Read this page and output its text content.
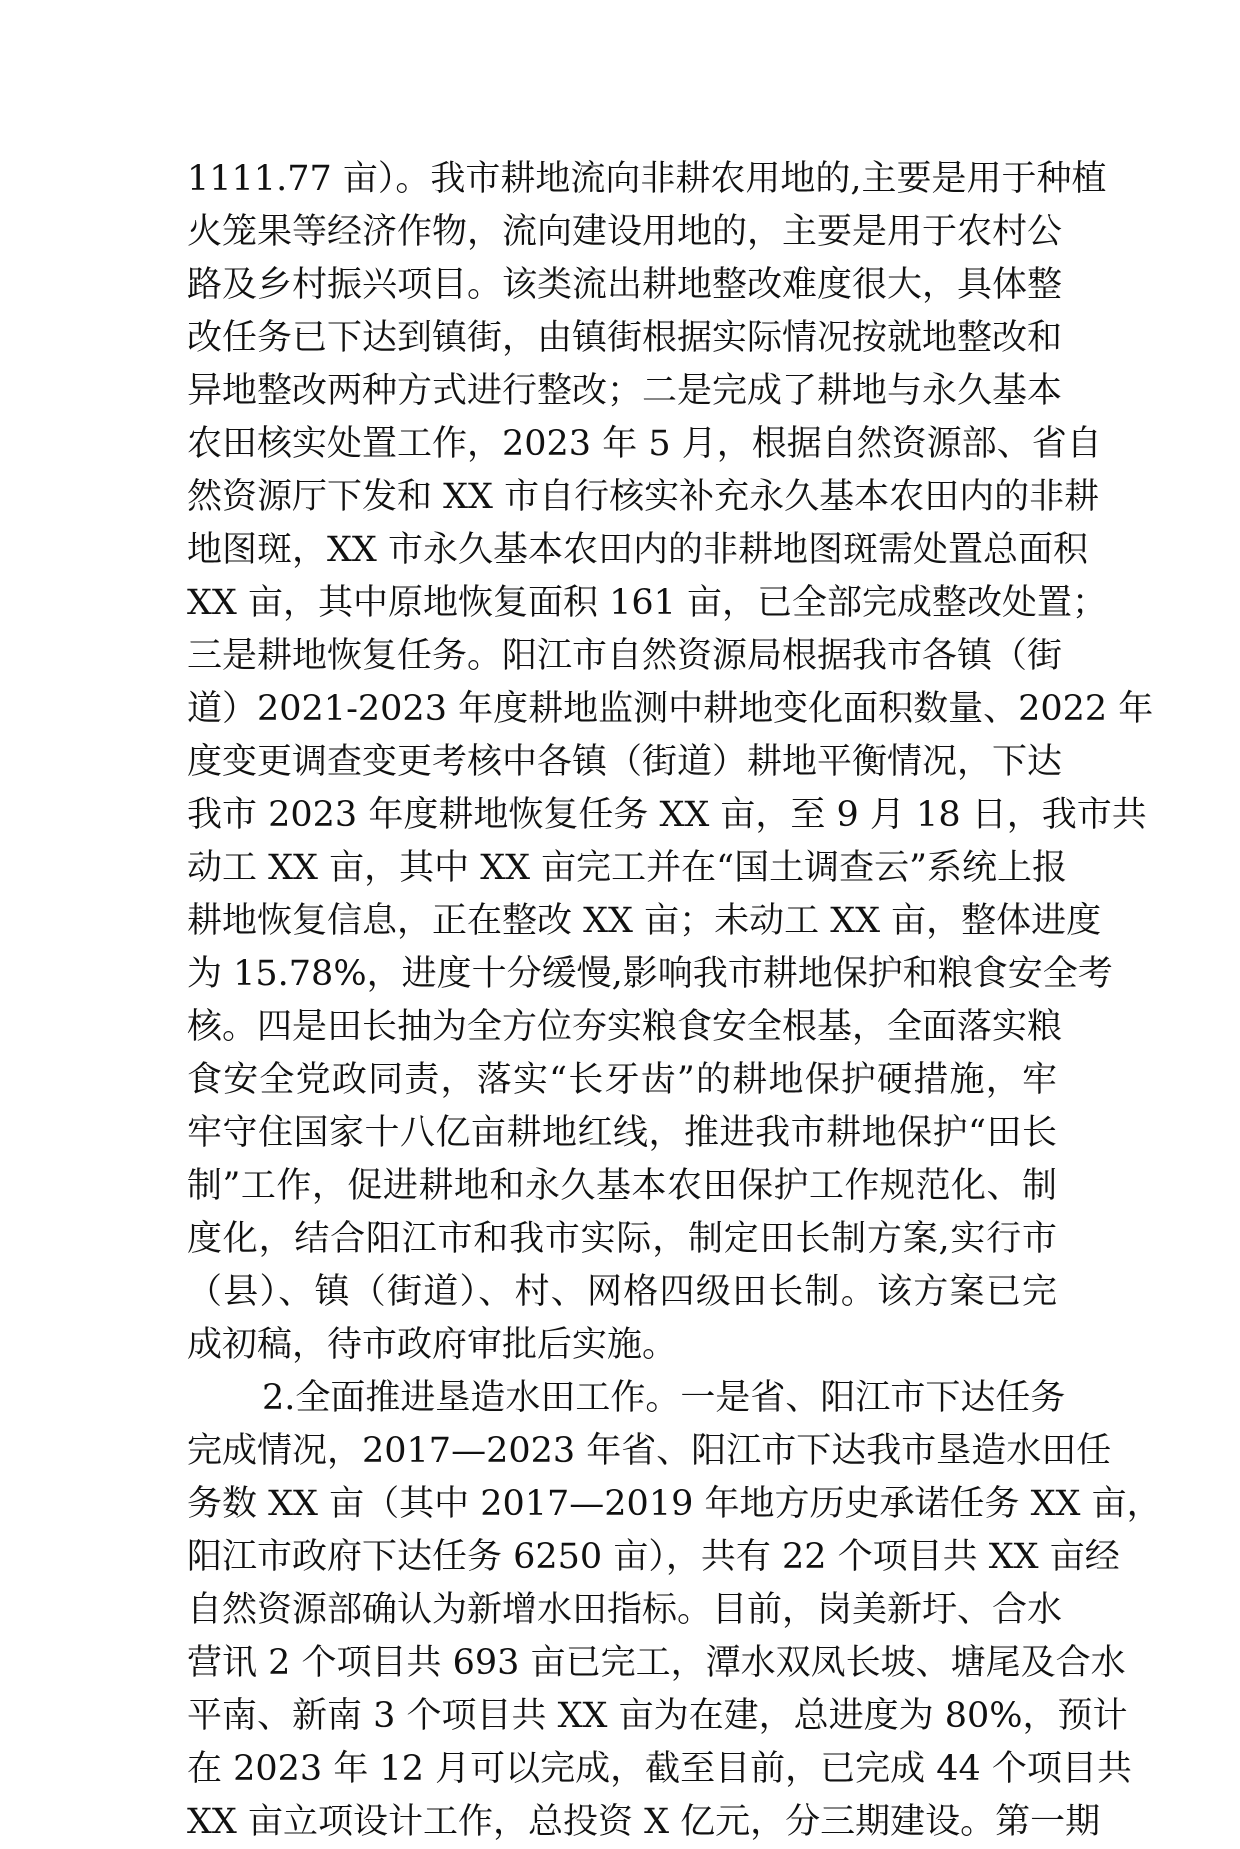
1111.77 亩）。我市耕地流向非耕农用地的,主要是用于种植
火笼果等经济作物，流向建设用地的，主要是用于农村公
路及乡村振兴项目。该类流出耕地整改难度很大，具体整
改任务已下达到镇街，由镇街根据实际情况按就地整改和
异地整改两种方式进行整改；二是完成了耕地与永久基本
农田核实处置工作，2023 年 5 月，根据自然资源部、省自
然资源厅下发和 XX 市自行核实补充永久基本农田内的非耕
地图斑，XX 市永久基本农田内的非耕地图斑需处置总面积
XX 亩，其中原地恢复面积 161 亩，已全部完成整改处置；
三是耕地恢复任务。阳江市自然资源局根据我市各镇（街
道）2021-2023 年度耕地监测中耕地变化面积数量、2022 年
度变更调查变更考核中各镇（街道）耕地平衡情况，下达
我市 2023 年度耕地恢复任务 XX 亩，至 9 月 18 日，我市共
动工 XX 亩，其中 XX 亩完工并在“国土调查云”系统上报
耕地恢复信息，正在整改 XX 亩；未动工 XX 亩，整体进度
为 15.78%，进度十分缓慢,影响我市耕地保护和粮食安全考
核。四是田长抽为全方位夯实粮食安全根基，全面落实粮
食安全党政同责，落实“长牙齿”的耕地保护硬措施，牢
牢守住国家十八亿亩耕地红线，推进我市耕地保护“田长
制”工作，促进耕地和永久基本农田保护工作规范化、制
度化，结合阳江市和我市实际，制定田长制方案,实行市
（县）、镇（街道）、村、网格四级田长制。该方案已完
成初稿，待市政府审批后实施。
2.全面推进垦造水田工作。一是省、阳江市下达任务
完成情况，2017—2023 年省、阳江市下达我市垦造水田任
务数 XX 亩（其中 2017—2019 年地方历史承诺任务 XX 亩，
阳江市政府下达任务 6250 亩），共有 22 个项目共 XX 亩经
自然资源部确认为新增水田指标。目前，岗美新圩、合水
营讯 2 个项目共 693 亩已完工，潭水双凤长坡、塘尾及合水
平南、新南 3 个项目共 XX 亩为在建，总进度为 80%，预计
在 2023 年 12 月可以完成，截至目前，已完成 44 个项目共
XX 亩立项设计工作，总投资 X 亿元，分三期建设。第一期
